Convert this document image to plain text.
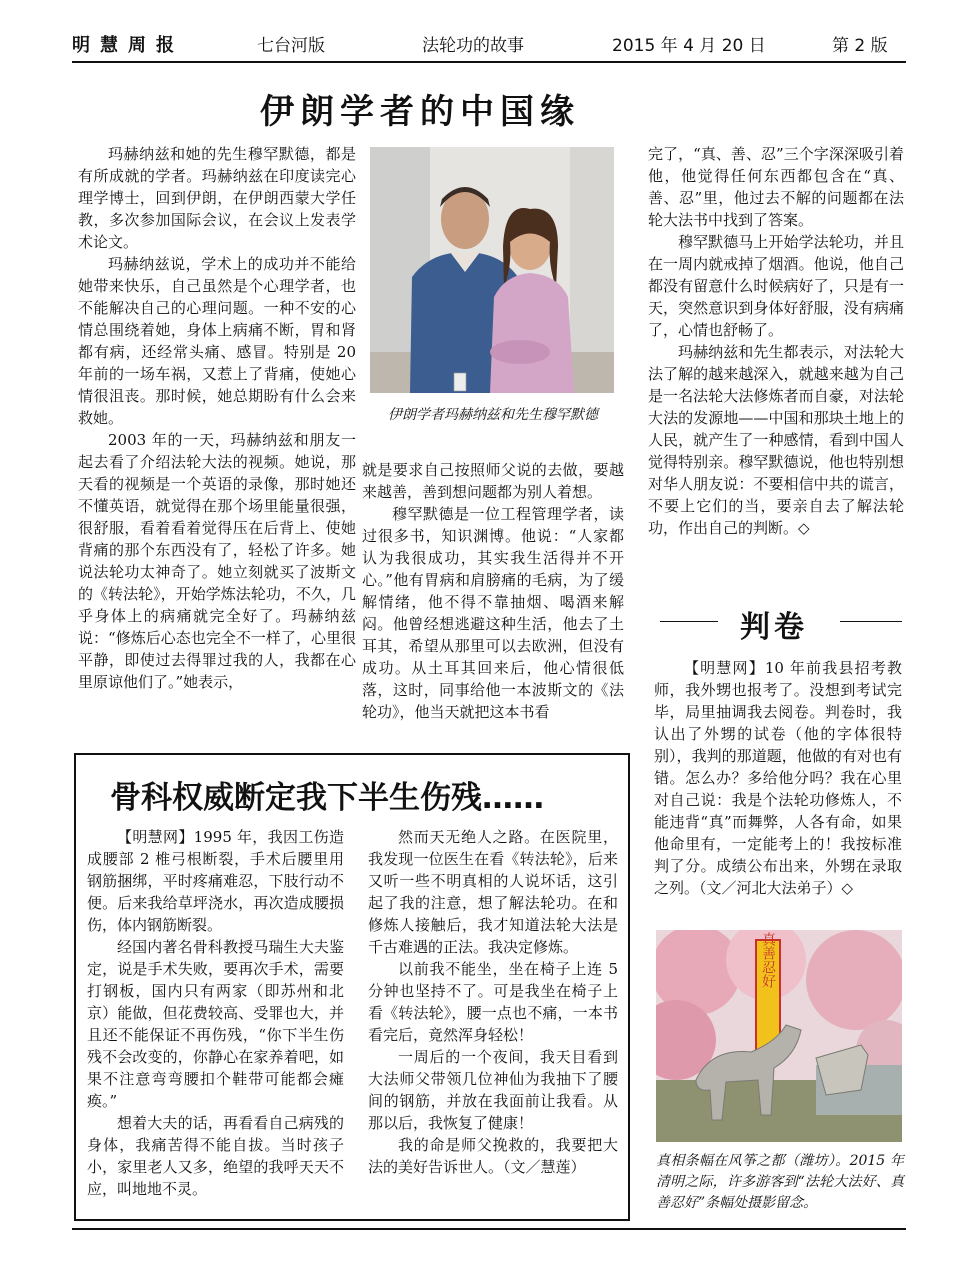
明慧周报	七台河版	法轮功的故事	2015 年 4 月 20 日	第 2 版
伊朗学者的中国缘

玛赫纳兹和她的先生穆罕默德，都是有所成就的学者。玛赫纳兹在印度读完心理学博士，回到伊朗，在伊朗西蒙大学任教，多次参加国际会议，在会议上发表学术论文。

玛赫纳兹说，学术上的成功并不能给她带来快乐，自己虽然是个心理学者，也不能解决自己的心理问题。一种不安的心情总围绕着她，身体上病痛不断，胃和肾都有病，还经常头痛、感冒。特别是 20 年前的一场车祸，又惹上了背痛，使她心情很沮丧。那时候，她总期盼有什么会来救她。

2003 年的一天，玛赫纳兹和朋友一起去看了介绍法轮大法的视频。她说，那天看的视频是一个英语的录像，那时她还不懂英语，就觉得在那个场里能量很强，很舒服，看着看着觉得压在后背上、使她背痛的那个东西没有了，轻松了许多。她说法轮功太神奇了。她立刻就买了波斯文的《转法轮》，开始学炼法轮功，不久，几乎身体上的病痛就完全好了。玛赫纳兹说：“修炼后心态也完全不一样了，心里很平静，即使过去得罪过我的人，我都在心里原谅他们了。”她表示，

伊朗学者玛赫纳兹和先生穆罕默德

就是要求自己按照师父说的去做，要越来越善，善到想问题都为别人着想。

穆罕默德是一位工程管理学者，读过很多书，知识渊博。他说：“人家都认为我很成功，其实我生活得并不开心。”他有胃病和肩膀痛的毛病，为了缓解情绪，他不得不靠抽烟、喝酒来解闷。他曾经想逃避这种生活，他去了土耳其，希望从那里可以去欧洲，但没有成功。从土耳其回来后，他心情很低落，这时，同事给他一本波斯文的《法轮功》，他当天就把这本书看

完了，“真、善、忍”三个字深深吸引着他，他觉得任何东西都包含在“真、善、忍”里，他过去不解的问题都在法轮大法书中找到了答案。

穆罕默德马上开始学法轮功，并且在一周内就戒掉了烟酒。他说，他自己都没有留意什么时候病好了，只是有一天，突然意识到身体好舒服，没有病痛了，心情也舒畅了。

玛赫纳兹和先生都表示，对法轮大法了解的越来越深入，就越来越为自己是一名法轮大法修炼者而自豪，对法轮大法的发源地——中国和那块土地上的人民，就产生了一种感情，看到中国人觉得特别亲。穆罕默德说，他也特别想对华人朋友说：不要相信中共的谎言，不要上它们的当，要亲自去了解法轮功，作出自己的判断。◇

判卷

【明慧网】10 年前我县招考教师，我外甥也报考了。没想到考试完毕，局里抽调我去阅卷。判卷时，我认出了外甥的试卷（他的字体很特别），我判的那道题，他做的有对也有错。怎么办？多给他分吗？我在心里对自己说：我是个法轮功修炼人，不能违背“真”而舞弊，人各有命，如果他命里有，一定能考上的！我按标准判了分。成绩公布出来，外甥在录取之列。（文／河北大法弟子）◇

真善忍好
真相条幅在风筝之都（潍坊）。2015 年清明之际，许多游客到“法轮大法好、真善忍好”条幅处摄影留念。
骨科权威断定我下半生伤残……

【明慧网】1995 年，我因工伤造成腰部 2 椎弓根断裂，手术后腰里用钢筋捆绑，平时疼痛难忍，下肢行动不便。后来我给草坪浇水，再次造成腰损伤，体内钢筋断裂。

经国内著名骨科教授马瑞生大夫鉴定，说是手术失败，要再次手术，需要打钢板，国内只有两家（即苏州和北京）能做，但花费较高、受罪也大，并且还不能保证不再伤残，“你下半生伤残不会改变的，你静心在家养着吧，如果不注意弯弯腰扣个鞋带可能都会瘫痪。”

想着大夫的话，再看看自己病残的身体，我痛苦得不能自拔。当时孩子小，家里老人又多，绝望的我呼天天不应，叫地地不灵。

然而天无绝人之路。在医院里，我发现一位医生在看《转法轮》，后来又听一些不明真相的人说坏话，这引起了我的注意，想了解法轮功。在和修炼人接触后，我才知道法轮大法是千古难遇的正法。我决定修炼。

以前我不能坐，坐在椅子上连 5 分钟也坚持不了。可是我坐在椅子上看《转法轮》，腰一点也不痛，一本书看完后，竟然浑身轻松！

一周后的一个夜间，我天目看到大法师父带领几位神仙为我抽下了腰间的钢筋，并放在我面前让我看。从那以后，我恢复了健康！

我的命是师父挽救的，我要把大法的美好告诉世人。（文／慧莲）
